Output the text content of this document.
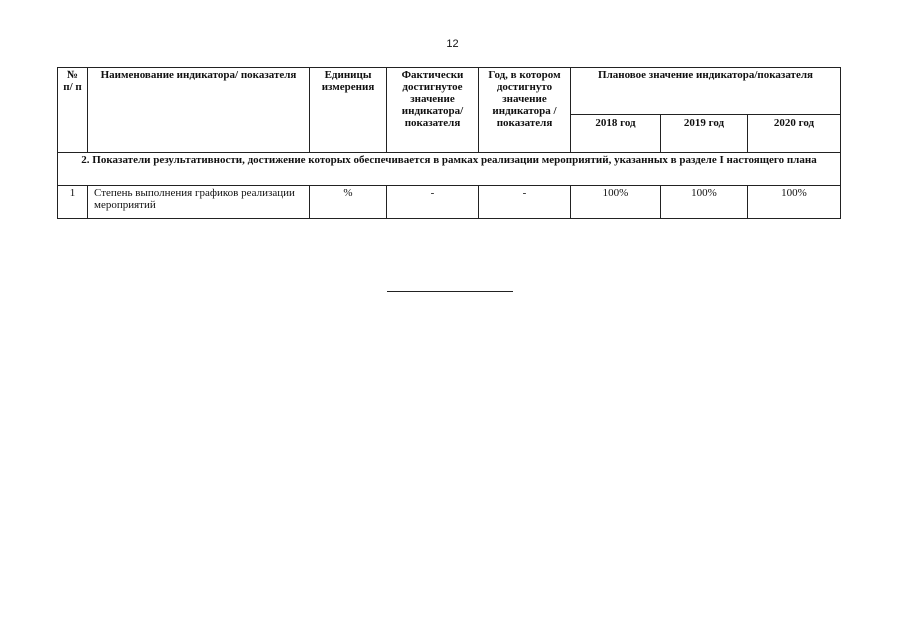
12
№ п/ п	Наименование индикатора/ показателя	Единицы измерения	Фактически достигнутое значение индикатора/ показателя	Год, в котором достигнуто значение индикатора /показателя	Плановое значение индикатора/показателя		
					2018 год	2019 год	2020 год
2. Показатели результативности, достижение которых обеспечивается в рамках реализации мероприятий, указанных в разделе I настоящего плана							
1	Степень выполнения графиков реализации мероприятий	%	-	-	100%	100%	100%
